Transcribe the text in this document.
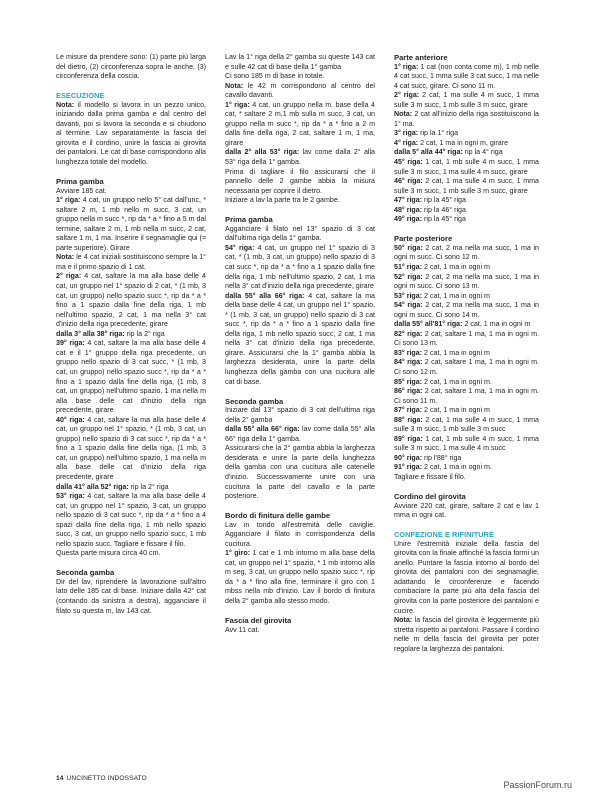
Le misure da prendere sono: (1) parte più larga del dietro, (2) circonferenza sopra le anche, (3) circonferenza della coscia.

ESECUZIONE

Nota: il modello si lavora in un pezzo unico, iniziando dalla prima gamba e dal centro del davanti, poi si lavora la seconda e si chiudono al termine. Lav separatamente la fascia del girovita e il cordino, unire la fascia ai girovita dei pantaloni. Le cat di base corrispondono alla lunghezza totale del modello.

Prima gamba

Avviare 185 cat.

1° riga: 4 cat, un gruppo nello 5° cat dall'unc, * saltare 2 m, 1 mb nello m succ, 3 cat, un gruppo nella m succ *, rip da * a * fino a 5 m dal termine, saltare 2 m, 1 mb nella m succ, 2 cat, saltare 1 m, 1 ma. Inserire il segnamaglie qui (= parte superiore). Girare

Nota: le 4 cat iniziali sostituiscono sempre la 1° ma e il primo spazio di 1 cat.

2° riga: 4 cat, saltare la ma alla base delle 4 cat, un gruppo nel 1° spazio di 2 cat, * (1 mb, 3 cat, un gruppo) nello spazio succ *, rip da * a * fino a 1 spazio dalla fine della riga, 1 mb nell'ultimo spazio, 2 cat, 1 ma nella 3° cat d'inizio della riga precedente, girare

dalla 3° alla 38° riga: rip la 2° riga

39° riga: 4 cat, saltare la ma alla base delle 4 cat e il 1° gruppo della riga precedente, un gruppo nello spazio di 3 cat succ, * (1 mb, 3 cat, un gruppo) nello spazio succ *, rip da * a * fino a 1 spazio dalla fine della riga, (1 mb, 3 cat, un gruppo) nell'ultimo spazio, 1 ma nella m alla base delle cat d'inizio della riga precedente, girare

40° riga: 4 cat, saltare la ma alla base delle 4 cat, un gruppo nel 1° spazio, * (1 mb, 3 cat, un gruppo) nello spazio di 3 cat succ *, rip da * a * fino a 1 spazio dalla fine della riga, (1 mb, 3 cat, un gruppo) nell'ultimo spazio, 1 ma nella m alla base delle cat d'inizio della riga precedente, girare

dalla 41° alla 52° riga: rip la 2° riga

53° riga: 4 cat, saltare la ma alla base delle 4 cat, un gruppo nel 1° spazio, 3 cat, un gruppo nello spazio di 3 cat succ *, rip da * a * fino a 4 spazi dalla fine della riga, 1 mb nello spazio succ, 3 cat, un gruppo nello spazio succ, 1 mb nello spazio succ. Tagliare e fissare il filo.

Questa parte misura circa 40 cm.

Seconda gamba

Dir del lav, riprendere la lavorazione sull'altro lato delle 185 cat di base. Iniziare dalla 42° cat (contando da sinistra a destra), agganciare il filato su questa m, lav 143 cat.

Lav la 1° riga della 2° gamba su queste 143 cat e sulle 42 cat di base della 1° gamba

Ci sono 185 m di base in totale.

Nota: le 42 m corrispondono al centro del cavallo davanti.

1° riga: 4 cat, un gruppo nella m. base della 4 cat, * saltare 2 m,1 mb sulla m succ, 3 cat, un gruppo nella m succ *, rip da * a * fino a 2 m dalla fine della riga, 2 cat, saltare 1 m, 1 ma, girare

dalla 2° alla 53° riga: lav come dalla 2° alla 53° riga della 1° gamba.

Prima di tagliare il filo assicurarsi che il pannello delle 2 gambe abbia la misura necessaria per coprire il dietro.

Iniziare a lav la parte tra le 2 gambe.

Prima gamba

Agganciare il filato nel 13° spazio di 3 cat dall'ultima riga della 1° gamba.

54° riga: 4 cat, un gruppo nel 1° spazio di 3 cat, * (1 mb, 3 cat, un gruppo) nello spazio di 3 cat succ *, rip da * a * fino a 1 spazio dalla fine della riga, 1 mb nell'ultimo spazio, 2 cat, 1 ma nella 3° cat d'inizio della riga precedente, girare

dalla 55° alla 66° riga: 4 cat, saltare la ma della base delle 4 cat, un gruppo nel 1° spazio, * (1 mb, 3 cat, un gruppo) nello spazio di 3 cat succ *, rip da * a * fino a 1 spazio dalla fine della riga, 1 mb nello spazio succ, 2 cat, 1 ma nella 3° cat d'inizio della riga precedente, girare. Assicurarsi che la 1° gamba abbia la larghezza desiderata, unire la parte della lunghezza della gamba con una cucitura alle cat di base.

Seconda gamba

Iniziare dal 13° spazio di 3 cat dell'ultima riga della 2° gamba

dalla 55° alla 66° riga: lav come dalla 55° alla 66° riga della 1° gamba.

Assicurarsi che la 2° gamba abbia la larghezza desiderata e unire la parte della lunghezza della gamba con una cucitura alle catenelle d'inizio. Successivamente unire con una cucitura la parte del cavallo e la parte posteriore.

Bordo di finitura delle gambe

Lav in tondo all'estremità delle caviglie. Agganciare il filato in corrispondenza della cucitura.

1° giro: 1 cat e 1 mb intorno m alla base della cat, un gruppo nel 1° spazio, * 1 mb intorno alla m seg, 3 cat, un gruppo nello spazio succ *, rip da * a * fino alla fine, terminare il giro con 1 mbss nella mb d'inizio. Lav il bordo di finitura della 2° gamba allo stesso modo.

Fascia del girovita

Avv 11 cat.

Parte anteriore

1° riga: 1 cat (non conta come m), 1 mb nelle 4 cat succ, 1 mma sulle 3 cat succ, 1 ma nelle 4 cat succ, girare. Ci sono 11 m.

2° riga: 2 cat, 1 ma sulle 4 m succ, 1 mma sulle 3 m succ, 1 mb sulle 3 m succ, girare

Nota: 2 cat all'inizio della riga sostituiscono la 1° ma.

3° riga: rip la 1° riga

4° riga: 2 cat, 1 ma in ogni m, girare

dalla 5° alla 44° riga: rip la 4° riga

45° riga: 1 cat, 1 mb sulle 4 m succ, 1 mma sulle 3 m succ, 1 ma sulle 4 m succ, girare

46° riga: 2 cat, 1 ma sulle 4 m succ, 1 mma sulle 3 m succ, 1 mb sulle 3 m succ, girare

47° riga: rip la 45° riga

48° riga: rip la 46° riga

49° riga: rip la 45° riga

Parte posteriore

50° riga: 2 cat, 2 ma nella ma succ, 1 ma in ogni m succ. Ci sono 12 m.

51° riga: 2 cat, 1 ma in ogni m

52° riga: 2 cat, 2 ma nella ma succ, 1 ma in ogni m succ. Ci sono 13 m.

53° riga: 2 cat, 1 ma in ogni m

54° riga: 2 cat, 2 ma nella ma succ, 1 ma in ogni m succ. Ci sono 14 m.

dalla 55° all'81° riga: 2 cat, 1 ma in ogni m

82° riga: 2 cat, saltare 1 ma, 1 ma in ogni m. Ci sono 13 m.

83° riga: 2 cat, 1 ma in ogni m

84° riga: 2 cat, saltare 1 ma, 1 ma in ogni m. Ci sono 12 m.

85° riga: 2 cat, 1 ma in ogni m.

86° riga: 2 cat, saltare 1 ma, 1 ma in ogni m. Ci sono 11 m.

87° riga: 2 cat, 1 ma in ogni m

88° riga: 2 cat, 1 ma sulle 4 m succ, 1 mma sulle 3 m succ, 1 mb sulle 3 m succ

89° riga: 1 cat, 1 mb sulle 4 m succ, 1 mma sulle 3 m succ, 1 ma sulle 4 m succ

90° riga: rip l'88° riga

91° riga: 2 cat, 1 ma in ogni m.

Tagliare e fissare il filo.

Cordino del girovita

Avviare 220 cat, girare, saltare 2 cat e lav 1 mma in ogni cat.

CONFEZIONE E RIFINITURE

Unire l'estremità iniziale della fascia del girovita con la finale affinché la fascia formi un anello. Puntare la fascia intorno al bordo del girovita dei pantaloni con dei segnamaglie, adattando le circonferenze e facendo combaciare la parte più alta della fascia del girovita con la parte posteriore dei pantaloni e cucire.

Nota: la fascia del girovita è leggermente più stretta rispetto ai pantaloni. Passare il cordino nelle m della fascia del girovita per poter regolare la larghezza dei pantaloni.

14 UNCINETTO INDOSSATO
PassionForum.ru
